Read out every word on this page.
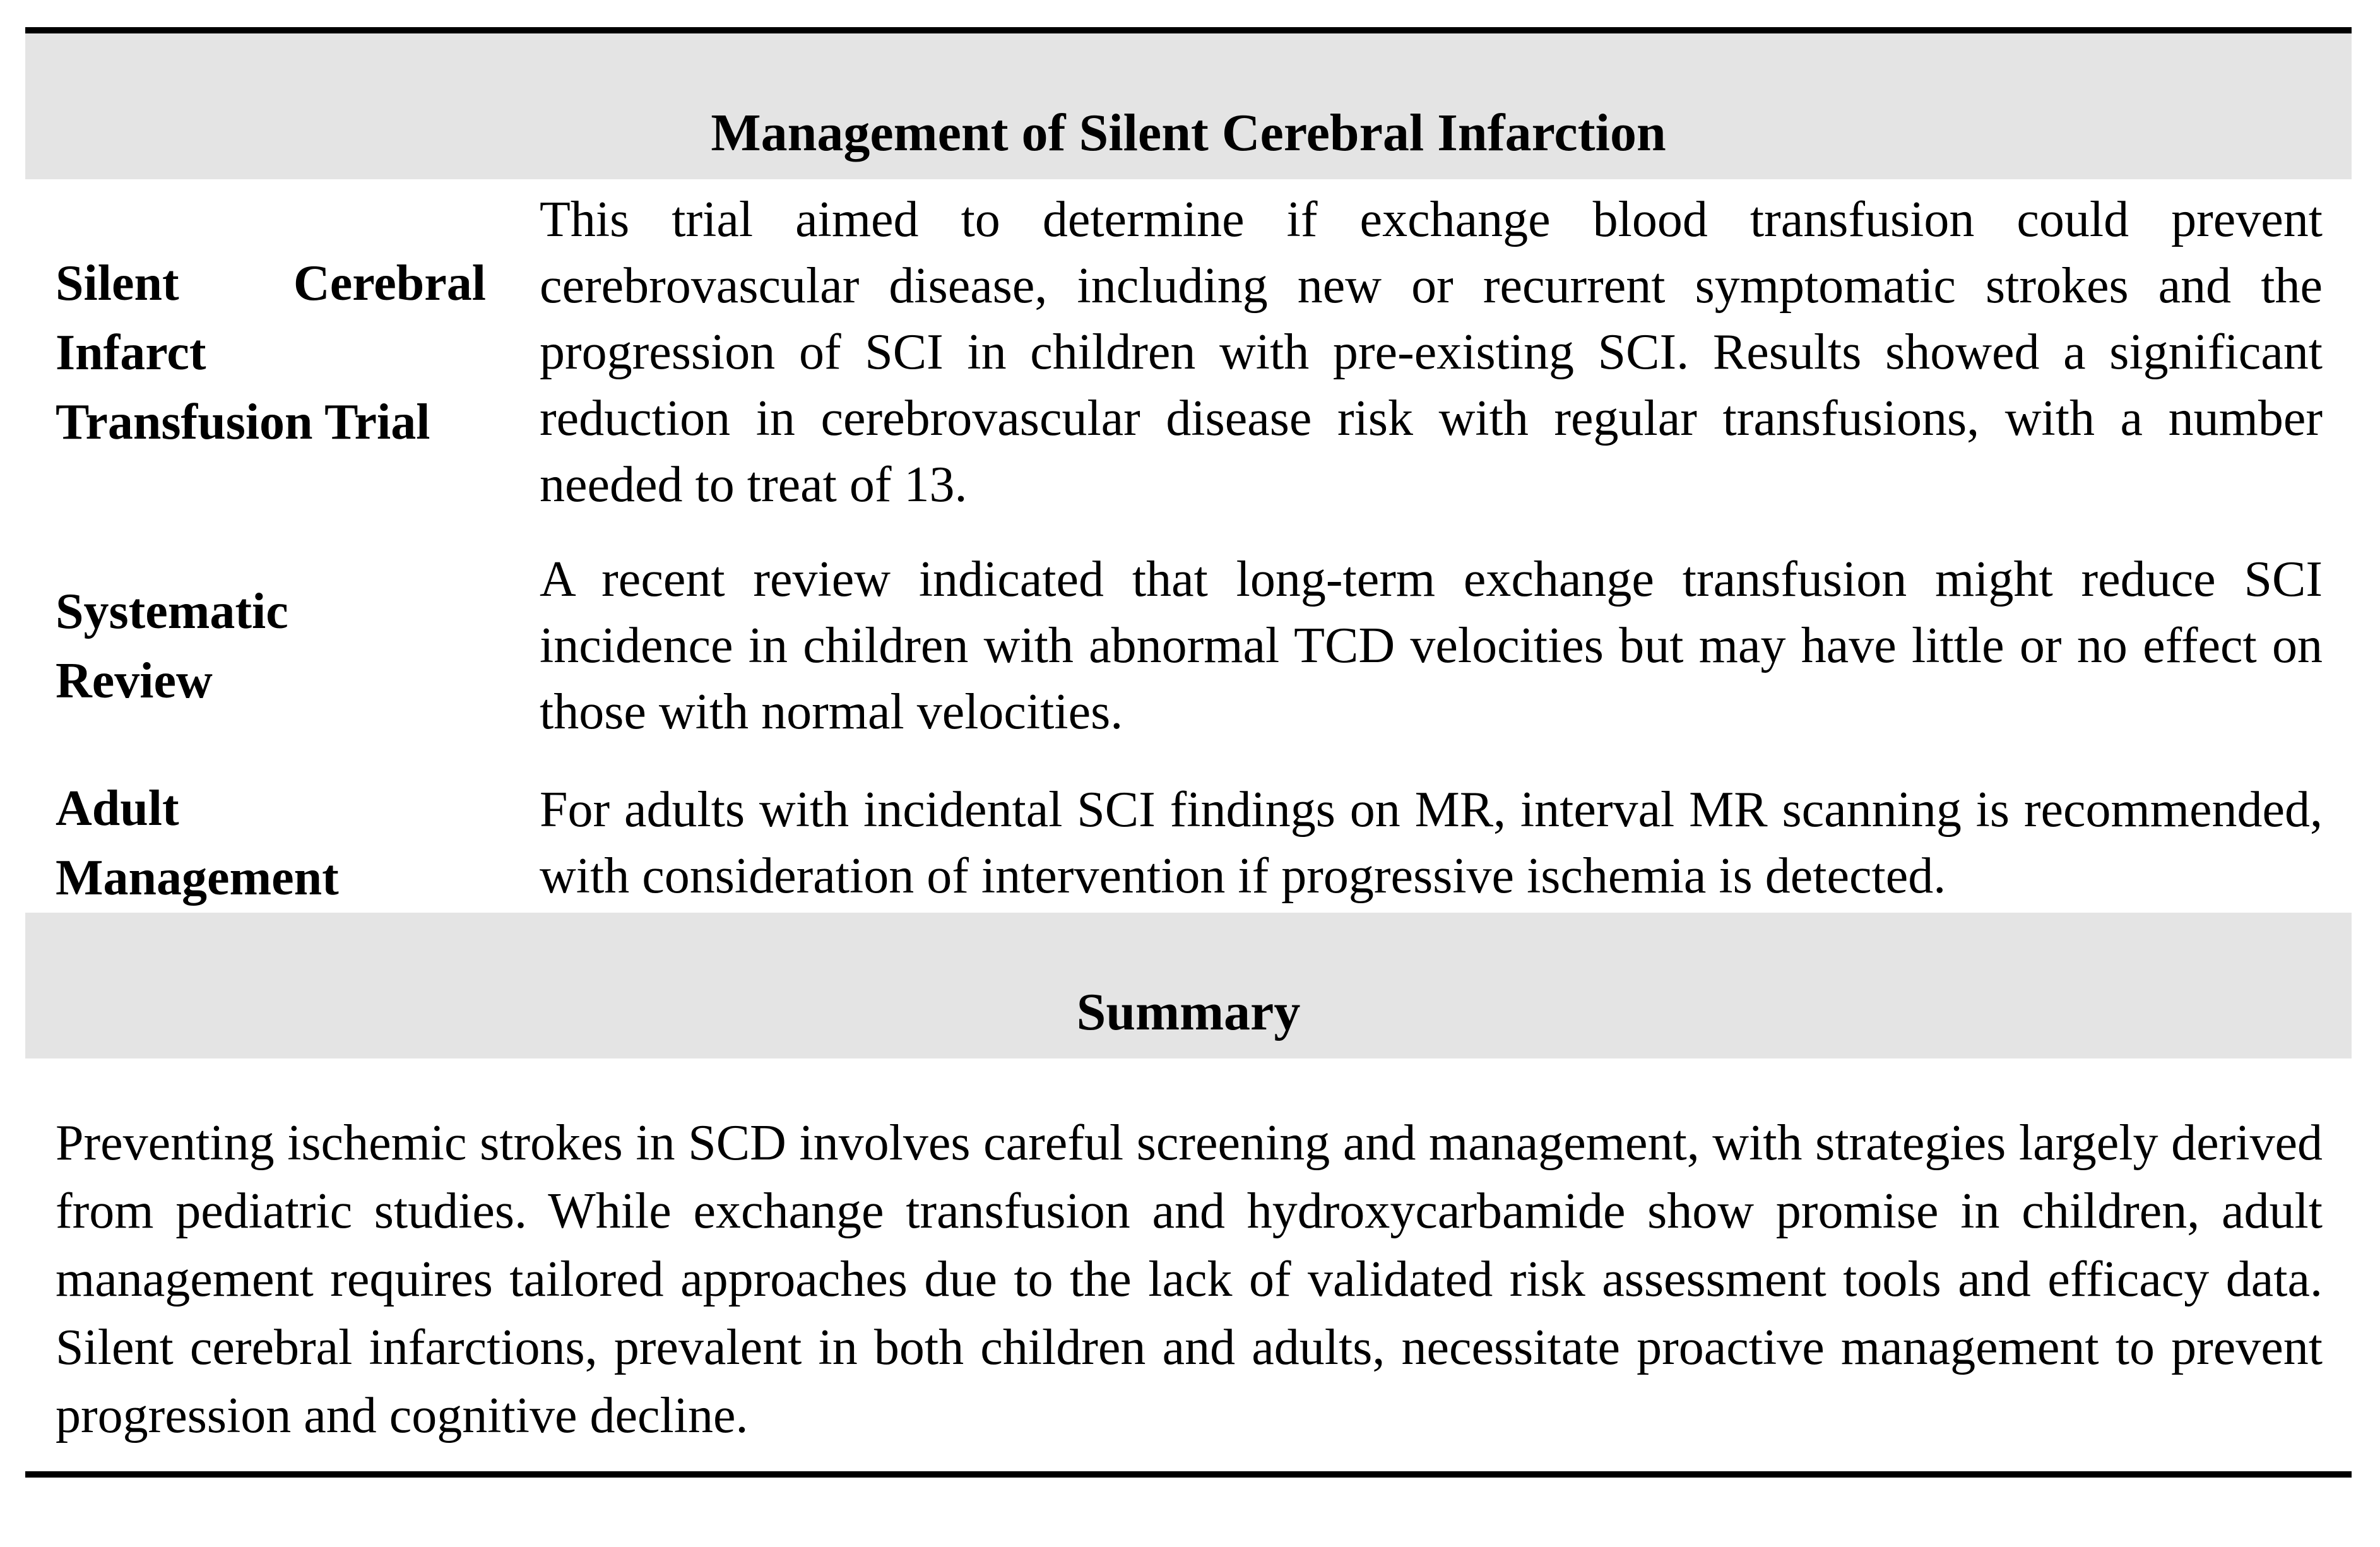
Management of Silent Cerebral Infarction
Silent Cerebral
Infarct
Transfusion Trial
This trial aimed to determine if exchange blood transfusion could prevent cerebrovascular disease, including new or recurrent symptomatic strokes and the progression of SCI in children with pre-existing SCI. Results showed a significant reduction in cerebrovascular disease risk with regular transfusions, with a number needed to treat of 13.
Systematic
Review
A recent review indicated that long-term exchange transfusion might reduce SCI incidence in children with abnormal TCD velocities but may have little or no effect on those with normal velocities.
Adult
Management
For adults with incidental SCI findings on MR, interval MR scanning is recommended, with consideration of intervention if progressive ischemia is detected.
Summary
Preventing ischemic strokes in SCD involves careful screening and management, with strategies largely derived from pediatric studies. While exchange transfusion and hydroxycarbamide show promise in children, adult management requires tailored approaches due to the lack of validated risk assessment tools and efficacy data. Silent cerebral infarctions, prevalent in both children and adults, necessitate proactive management to prevent progression and cognitive decline.
